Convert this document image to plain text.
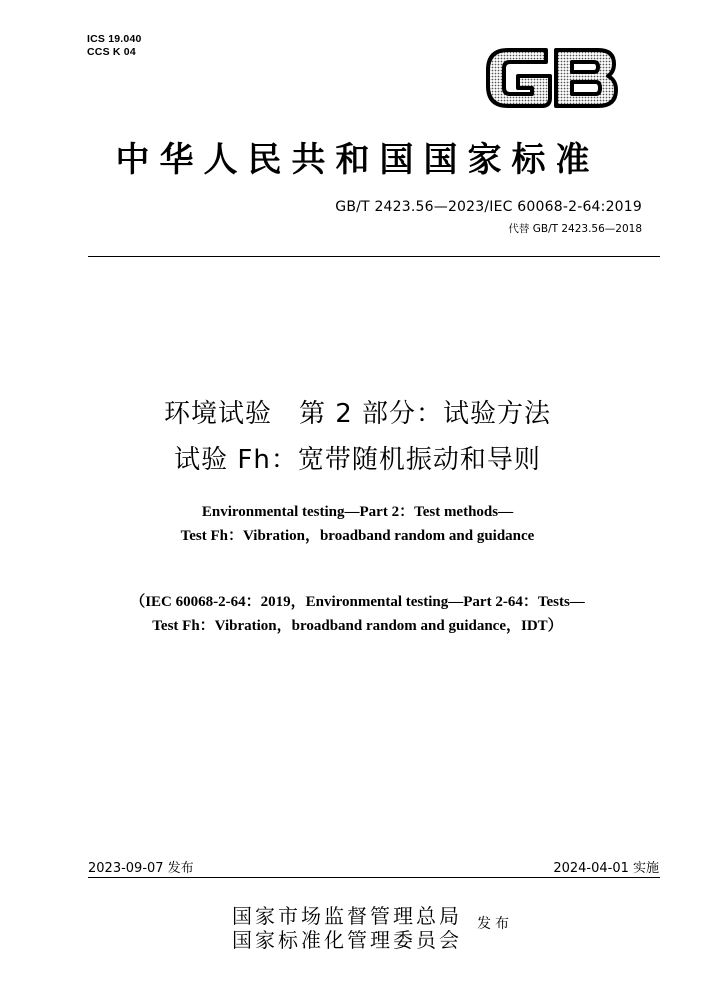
ICS 19.040
CCS K 04
中华人民共和国国家标准
GB/T 2423.56—2023/IEC 60068-2-64:2019
代替 GB/T 2423.56—2018
环境试验　第 2 部分：试验方法
试验 Fh：宽带随机振动和导则
Environmental testing—Part 2：Test methods—
Test Fh：Vibration，broadband random and guidance
（IEC 60068-2-64：2019，Environmental testing—Part 2-64：Tests—
Test Fh：Vibration，broadband random and guidance，IDT）
2023-09-07 发布	2024-04-01 实施
国家市场监督管理总局
国家标准化管理委员会
发布
